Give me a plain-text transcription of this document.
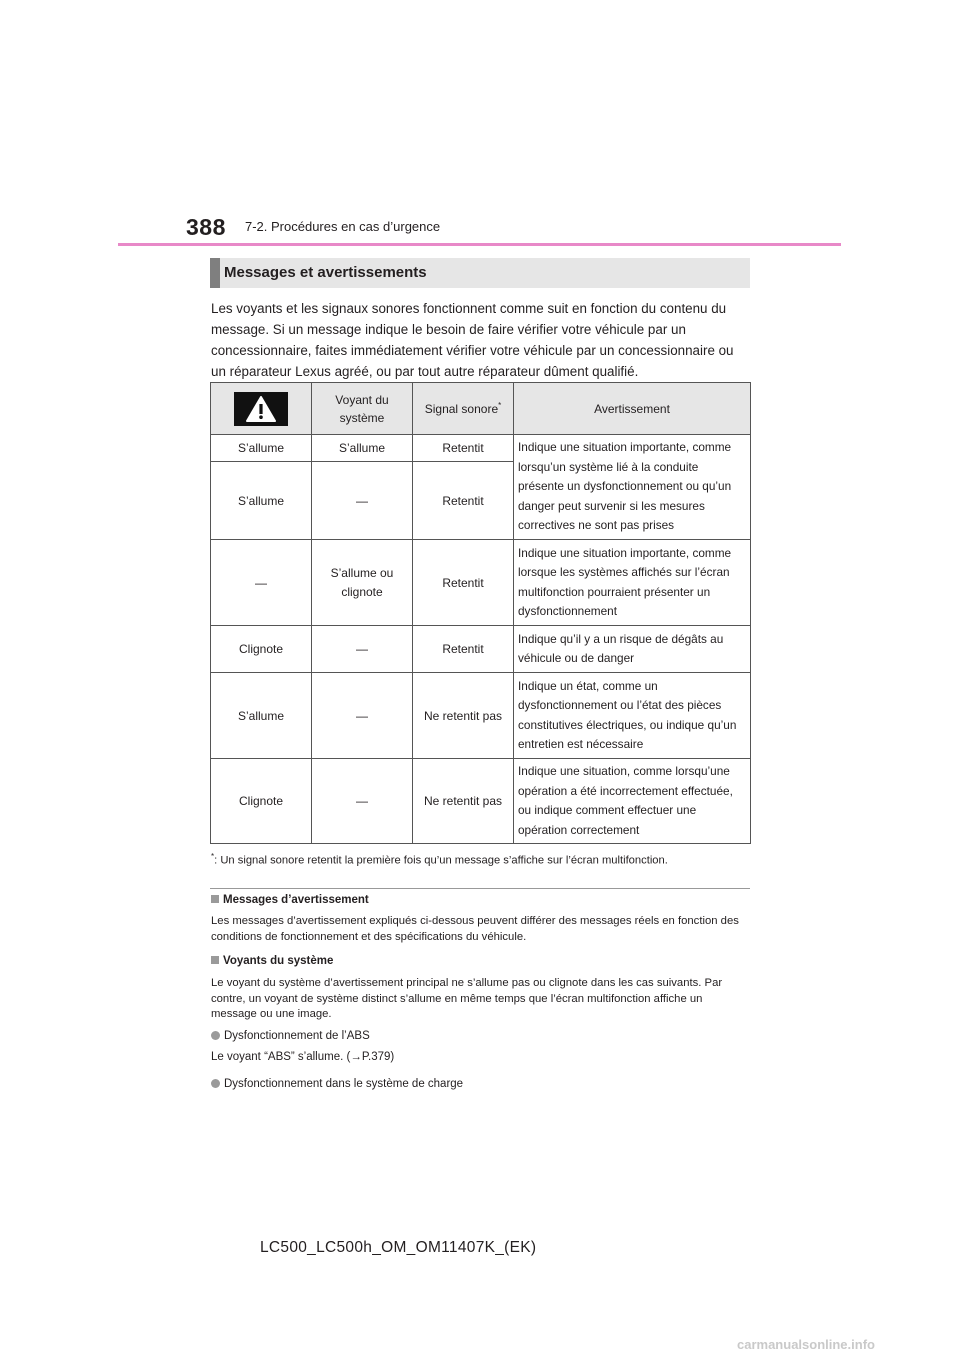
388 7-2. Procédures en cas d’urgence
Messages et avertissements
Les voyants et les signaux sonores fonctionnent comme suit en fonction du contenu du message. Si un message indique le besoin de faire vérifier votre véhicule par un concessionnaire, faites immédiatement vérifier votre véhicule par un concessionnaire ou un réparateur Lexus agréé, ou par tout autre réparateur dûment qualifié.
	Voyant du système	Signal sonore*	Avertissement
S’allume	S’allume	Retentit	Indique une situation importante, comme lorsqu’un système lié à la conduite présente un dysfonctionnement ou qu’un danger peut survenir si les mesures correctives ne sont pas prises
S’allume	—	Retentit	
—	S’allume ou clignote	Retentit	Indique une situation importante, comme lorsque les systèmes affichés sur l’écran multifonction pourraient présenter un dysfonctionnement
Clignote	—	Retentit	Indique qu’il y a un risque de dégâts au véhicule ou de danger
S’allume	—	Ne retentit pas	Indique un état, comme un dysfonctionnement ou l’état des pièces constitutives électriques, ou indique qu’un entretien est nécessaire
Clignote	—	Ne retentit pas	Indique une situation, comme lorsqu’une opération a été incorrectement effectuée, ou indique comment effectuer une opération correctement
*: Un signal sonore retentit la première fois qu’un message s’affiche sur l’écran multifonction.
Messages d’avertissement
Les messages d’avertissement expliqués ci-dessous peuvent différer des messages réels en fonction des conditions de fonctionnement et des spécifications du véhicule.
Voyants du système
Le voyant du système d’avertissement principal ne s’allume pas ou clignote dans les cas suivants. Par contre, un voyant de système distinct s’allume en même temps que l’écran multifonction affiche un message ou une image.
Dysfonctionnement de l’ABS
Le voyant “ABS” s’allume. (→P.379)
Dysfonctionnement dans le système de charge
LC500_LC500h_OM_OM11407K_(EK)
carmanualsonline.info
